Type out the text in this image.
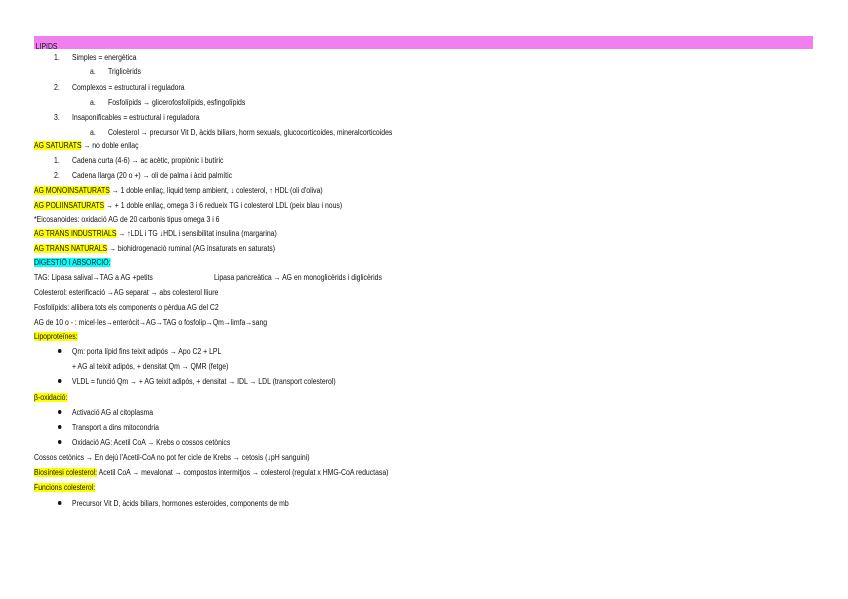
LIPIDS
1. Simples = energètica
a. Triglicèrids
2. Complexos = estructural i reguladora
a. Fosfolípids → glicerofosfolípids, esfingolípids
3. Insaponificables = estructural i reguladora
a. Colesterol → precursor Vit D, àcids biliars, horm sexuals, glucocorticoides, mineralcorticoides
AG SATURATS → no doble enllaç
1. Cadena curta (4-6) → ac acètic, propiònic i butíric
2. Cadena llarga (20 o +) → oli de palma i àcid palmític
AG MONOINSATURATS → 1 doble enllaç, líquid temp ambient, ↓ colesterol, ↑ HDL (oli d'oliva)
AG POLIINSATURATS → + 1 doble enllaç, omega 3 i 6 redueix TG i colesterol LDL (peix blau i nous)
*Eicosanoides: oxidació AG de 20 carbonis tipus omega 3 i 6
AG TRANS INDUSTRIALS → ↑LDL i TG ↓HDL i sensibilitat insulina (margarina)
AG TRANS NATURALS → biohidrogenació ruminal (AG insaturats en saturats)
DIGESTIÓ I ABSORCIÓ:
TAG: Lipasa salival→TAG a AG +petits	Lipasa pancreàtica → AG en monoglicèrids i diglicèrids
Colesterol: esterificació →AG separat → abs colesterol lliure
Fosfolípids: allibera tots els components o pèrdua AG del C2
AG de 10 o - : micel·les→enteròcit→AG→TAG o fosfolip→Qm→limfa→sang
Lipoproteïnes:
Qm: porta lípid fins teixit adipós → Apo C2 + LPL
+ AG al teixit adipós, + densitat Qm → QMR (fetge)
VLDL = funció Qm → + AG teixit adipós, + densitat → IDL → LDL (transport colesterol)
β-oxidació:
Activació AG al citoplasma
Transport a dins mitocondria
Oxidació AG: Acetil CoA → Krebs o cossos cetònics
Cossos cetònics → En dejú l'Acetil-CoA no pot fer cicle de Krebs → cetosis (↓pH sanguini)
Biosíntesi colesterol: Acetil CoA → mevalonat → compostos intermitjos → colesterol (regulat x HMG-CoA reductasa)
Funcions colesterol:
Precursor Vit D, àcids biliars, hormones esteroides, components de mb
